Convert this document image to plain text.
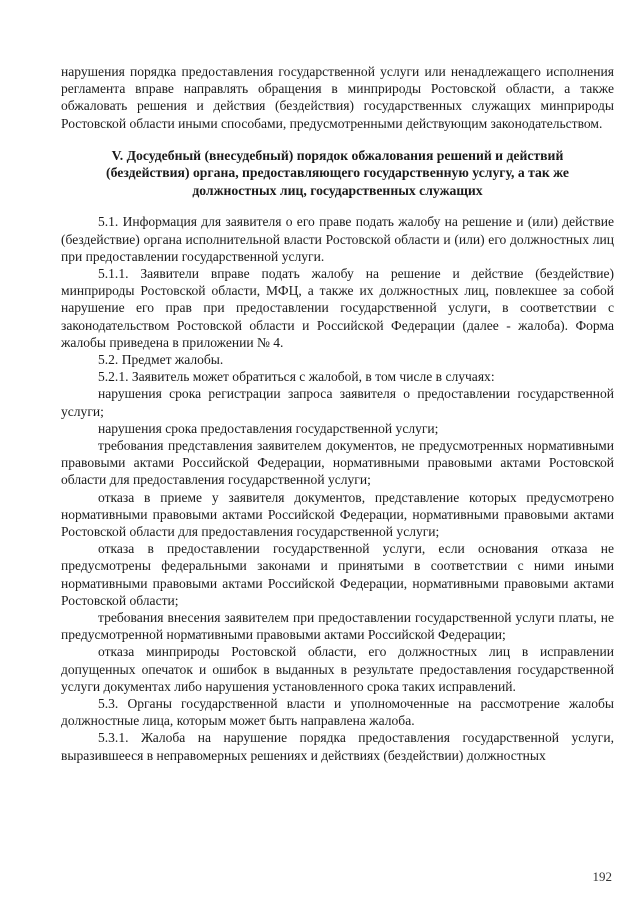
нарушения порядка предоставления государственной услуги или ненадлежащего исполнения регламента вправе направлять обращения в минприроды Ростовской области, а также обжаловать решения и действия (бездействия) государственных служащих минприроды Ростовской области иными способами, предусмотренными действующим законодательством.

V. Досудебный (внесудебный) порядок обжалования решений и действий (бездействия) органа, предоставляющего государственную услугу, а так же должностных лиц, государственных служащих

5.1. Информация для заявителя о его праве подать жалобу на решение и (или) действие (бездействие) органа исполнительной власти Ростовской области и (или) его должностных лиц при предоставлении государственной услуги.

5.1.1. Заявители вправе подать жалобу на решение и действие (бездействие) минприроды Ростовской области, МФЦ, а также их должностных лиц, повлекшее за собой нарушение его прав при предоставлении государственной услуги, в соответствии с законодательством Ростовской области и Российской Федерации (далее - жалоба). Форма жалобы приведена в приложении № 4.

5.2. Предмет жалобы.

5.2.1. Заявитель может обратиться с жалобой, в том числе в случаях:

нарушения срока регистрации запроса заявителя о предоставлении государственной услуги;

нарушения срока предоставления государственной услуги;

требования представления заявителем документов, не предусмотренных нормативными правовыми актами Российской Федерации, нормативными правовыми актами Ростовской области для предоставления государственной услуги;

отказа в приеме у заявителя документов, представление которых предусмотрено нормативными правовыми актами Российской Федерации, нормативными правовыми актами Ростовской области для предоставления государственной услуги;

отказа в предоставлении государственной услуги, если основания отказа не предусмотрены федеральными законами и принятыми в соответствии с ними иными нормативными правовыми актами Российской Федерации, нормативными правовыми актами Ростовской области;

требования внесения заявителем при предоставлении государственной услуги платы, не предусмотренной нормативными правовыми актами Российской Федерации;

отказа минприроды Ростовской области, его должностных лиц в исправлении допущенных опечаток и ошибок в выданных в результате предоставления государственной услуги документах либо нарушения установленного срока таких исправлений.

5.3. Органы государственной власти и уполномоченные на рассмотрение жалобы должностные лица, которым может быть направлена жалоба.

5.3.1. Жалоба на нарушение порядка предоставления государственной услуги, выразившееся в неправомерных решениях и действиях (бездействии) должностных

192
